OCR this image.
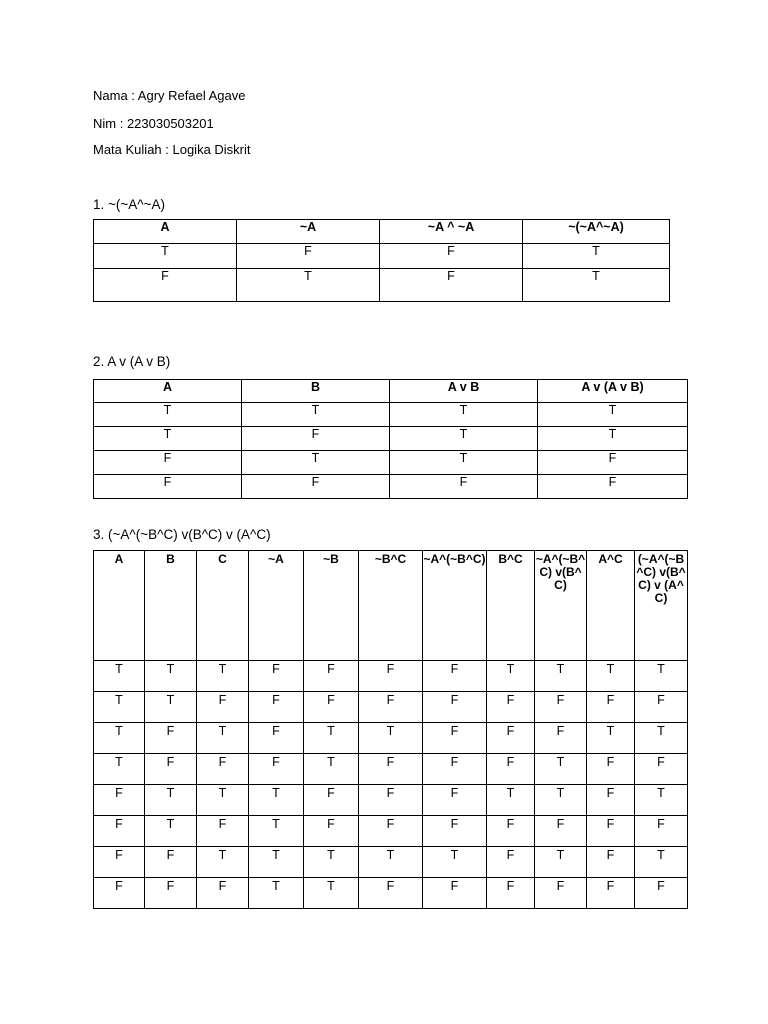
Nama : Agry Refael Agave
Nim : 223030503201
Mata Kuliah : Logika Diskrit
1. ~(~A^~A)
A	~A	~A ^ ~A	~(~A^~A)
T	F	F	T
F	T	F	T
2. A v (A v B)
A	B	A v B	A v (A v B)
T	T	T	T
T	F	T	T
F	T	T	F
F	F	F	F
3. (~A^(~B^C) v(B^C) v (A^C)
A	B	C	~A	~B	~B^C	~A^(~B^C)	B^C	~A^(~B^C) v(B^C)	A^C	(~A^(~B^C) v(B^C) v (A^C)
T	T	T	F	F	F	F	T	T	T	T
T	T	F	F	F	F	F	F	F	F	F
T	F	T	F	T	T	F	F	F	T	T
T	F	F	F	T	F	F	F	T	F	F
F	T	T	T	F	F	F	T	T	F	T
F	T	F	T	F	F	F	F	F	F	F
F	F	T	T	T	T	T	F	T	F	T
F	F	F	T	T	F	F	F	F	F	F
